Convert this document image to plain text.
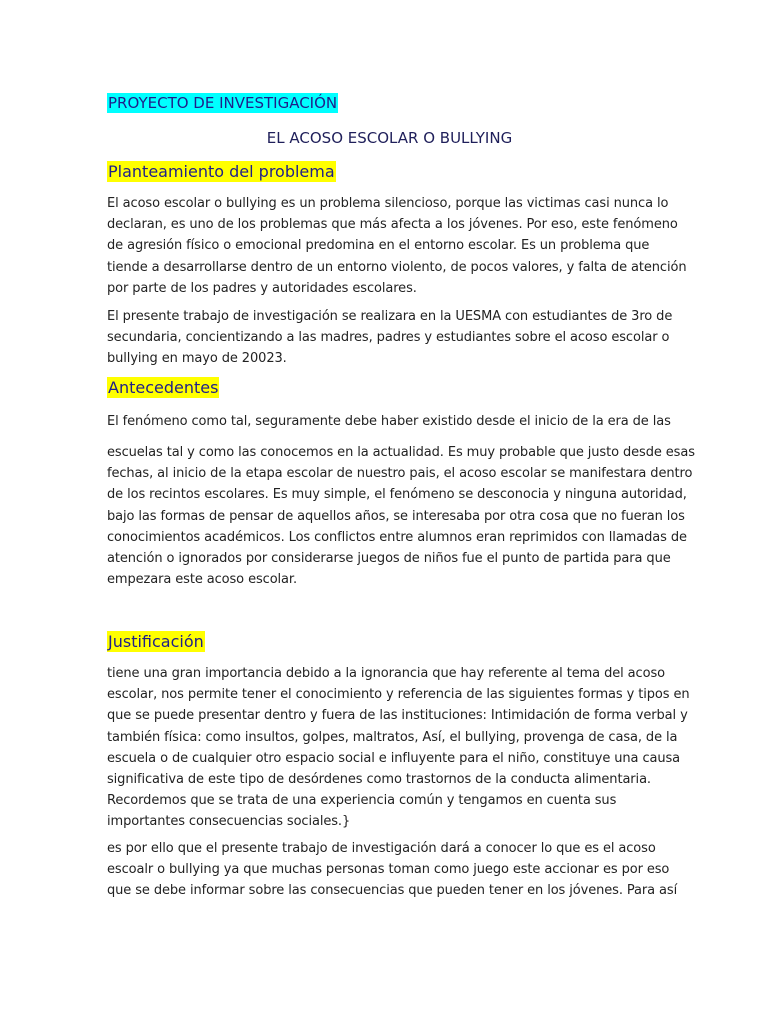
PROYECTO DE INVESTIGACIÓN
EL ACOSO ESCOLAR O BULLYING
Planteamiento del problema
El acoso escolar o bullying es un problema silencioso, porque las victimas casi nunca lo
declaran, es uno de los problemas que más afecta a los jóvenes. Por eso, este fenómeno
de agresión físico o emocional predomina en el entorno escolar. Es un problema que
tiende a desarrollarse dentro de un entorno violento, de pocos valores, y falta de atención
por parte de los padres y autoridades escolares.
El presente trabajo de investigación se realizara en la UESMA con estudiantes de 3ro de
secundaria, concientizando a las madres, padres y estudiantes sobre el acoso escolar o
bullying en mayo de 20023.
Antecedentes
El fenómeno como tal, seguramente debe haber existido desde el inicio de la era de las
escuelas tal y como las conocemos en la actualidad. Es muy probable que justo desde esas
fechas, al inicio de la etapa escolar de nuestro pais, el acoso escolar se manifestara dentro
de los recintos escolares. Es muy simple, el fenómeno se desconocia y ninguna autoridad,
bajo las formas de pensar de aquellos años, se interesaba por otra cosa que no fueran los
conocimientos académicos. Los conflictos entre alumnos eran reprimidos con llamadas de
atención o ignorados por considerarse juegos de niños fue el punto de partida para que
empezara este acoso escolar.
Justificación
tiene una gran importancia debido a la ignorancia que hay referente al tema del acoso
escolar, nos permite tener el conocimiento y referencia de las siguientes formas y tipos en
que se puede presentar dentro y fuera de las instituciones: Intimidación de forma verbal y
también física: como insultos, golpes, maltratos, Así, el bullying, provenga de casa, de la
escuela o de cualquier otro espacio social e influyente para el niño, constituye una causa
significativa de este tipo de desórdenes como trastornos de la conducta alimentaria.
Recordemos que se trata de una experiencia común y tengamos en cuenta sus
importantes consecuencias sociales.}
es por ello que el presente trabajo de investigación dará a conocer lo que es el acoso
escoalr o bullying ya que muchas personas toman como juego este accionar es por eso
que se debe informar sobre las consecuencias que pueden tener en los jóvenes. Para así
